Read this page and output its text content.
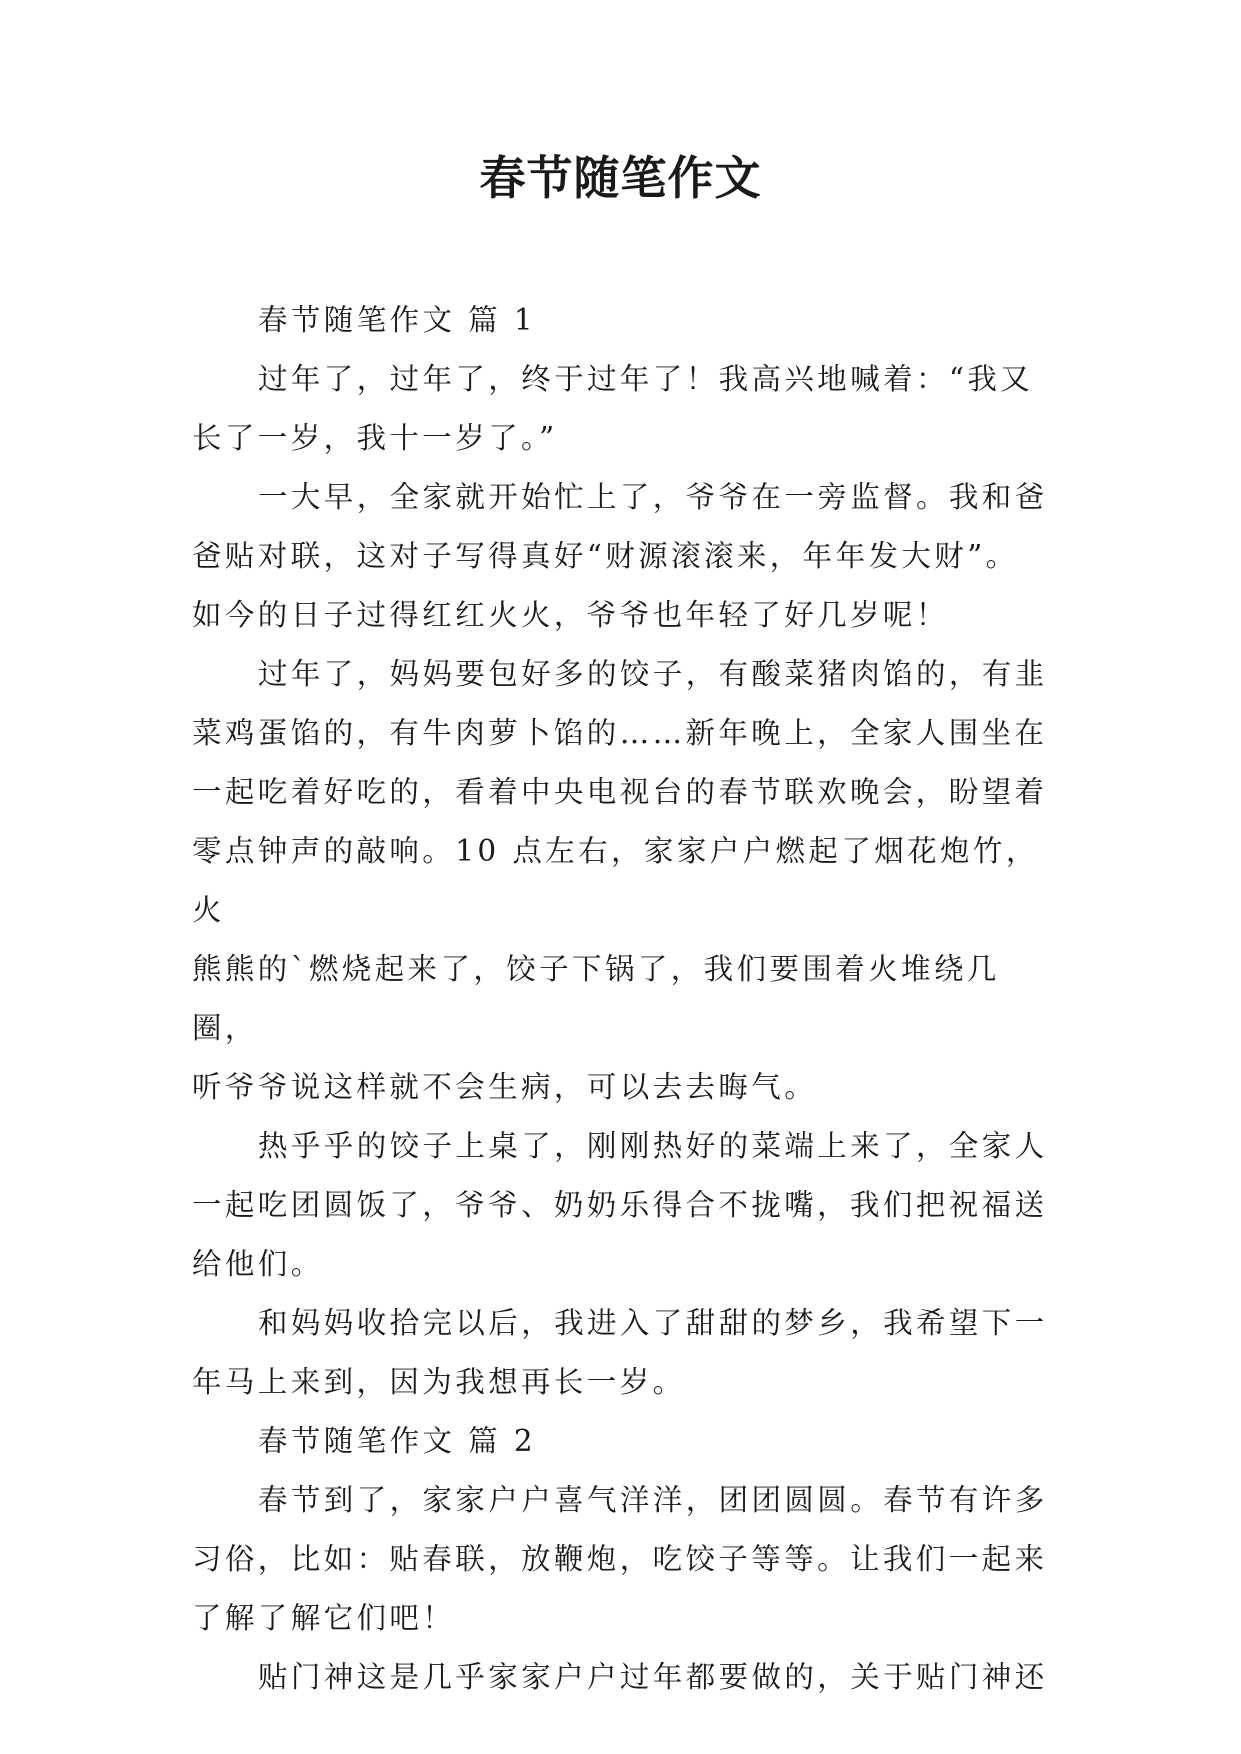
春节随笔作文

春节随笔作文 篇 1

过年了，过年了，终于过年了！我高兴地喊着：“我又
长了一岁，我十一岁了。”

一大早，全家就开始忙上了，爷爷在一旁监督。我和爸
爸贴对联，这对子写得真好“财源滚滚来，年年发大财”。
如今的日子过得红红火火，爷爷也年轻了好几岁呢！

过年了，妈妈要包好多的饺子，有酸菜猪肉馅的，有韭
菜鸡蛋馅的，有牛肉萝卜馅的……新年晚上，全家人围坐在
一起吃着好吃的，看着中央电视台的春节联欢晚会，盼望着
零点钟声的敲响。10 点左右，家家户户燃起了烟花炮竹，火
熊熊的`燃烧起来了，饺子下锅了，我们要围着火堆绕几圈，
听爷爷说这样就不会生病，可以去去晦气。

热乎乎的饺子上桌了，刚刚热好的菜端上来了，全家人
一起吃团圆饭了，爷爷、奶奶乐得合不拢嘴，我们把祝福送
给他们。

和妈妈收拾完以后，我进入了甜甜的梦乡，我希望下一
年马上来到，因为我想再长一岁。

春节随笔作文 篇 2

春节到了，家家户户喜气洋洋，团团圆圆。春节有许多
习俗，比如：贴春联，放鞭炮，吃饺子等等。让我们一起来
了解了解它们吧！

贴门神这是几乎家家户户过年都要做的，关于贴门神还
